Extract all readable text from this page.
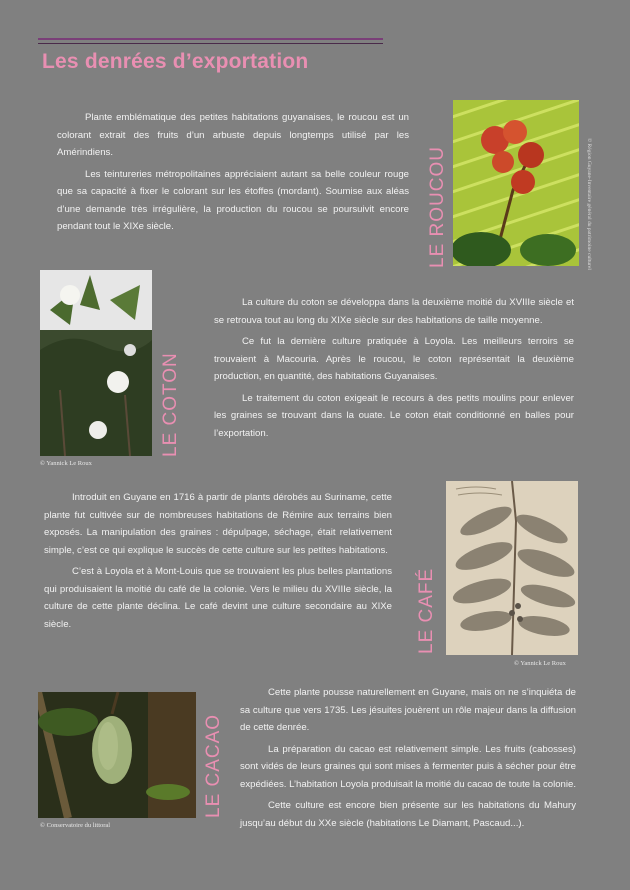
Les denrées d’exportation

Plante emblématique des petites habitations guyanaises, le roucou est un colorant extrait des fruits d’un arbuste depuis longtemps utilisé par les Amérindiens.

Les teintureries métropolitaines appréciaient autant sa belle couleur rouge que sa capacité à fixer le colorant sur les étoffes (mordant). Soumise aux aléas d’une demande très irrégulière, la production du roucou se poursuivit encore pendant tout le XIXe siècle.	LE ROUCOU	© Région Guyane-Inventaire général du patrimoine culturel
© Yannick Le Roux
LE COTON

La culture du coton se développa dans la deuxième moitié du XVIIIe siècle et se retrouva tout au long du XIXe siècle sur des habitations de taille moyenne.

Ce fut la dernière culture pratiquée à Loyola. Les meilleurs terroirs se trouvaient à Macouria. Après le roucou, le coton représentait la deuxième production, en quantité, des habitations Guyanaises.

Le traitement du coton exigeait le recours à des petits moulins pour enlever les graines se trouvant dans la ouate. Le coton était conditionné en balles pour l’exportation.

Introduit en Guyane en 1716 à partir de plants dérobés au Suriname, cette plante fut cultivée sur de nombreuses habitations de Rémire aux terrains bien exposés. La manipulation des graines : dépulpage, séchage, était relativement simple, c’est ce qui explique le succès de cette culture sur les petites habitations.

C’est à Loyola et à Mont-Louis que se trouvaient les plus belles plantations qui produisaient la moitié du café de la colonie. Vers le milieu du XVIIIe siècle, la culture de cette plante déclina. Le café devint une culture secondaire au XIXe siècle.	LE CAFÉ
© Yannick Le Roux
© Conservatoire du littoral
LE CACAO

Cette plante pousse naturellement en Guyane, mais on ne s’inquiéta de sa culture que vers 1735. Les jésuites jouèrent un rôle majeur dans la diffusion de cette denrée.

La préparation du cacao est relativement simple. Les fruits (cabosses) sont vidés de leurs graines qui sont mises à fermenter puis à sécher pour être expédiées. L’habitation Loyola produisait la moitié du cacao de toute la colonie.

Cette culture est encore bien présente sur les habitations du Mahury jusqu’au début du XXe siècle (habitations Le Diamant, Pascaud...).
